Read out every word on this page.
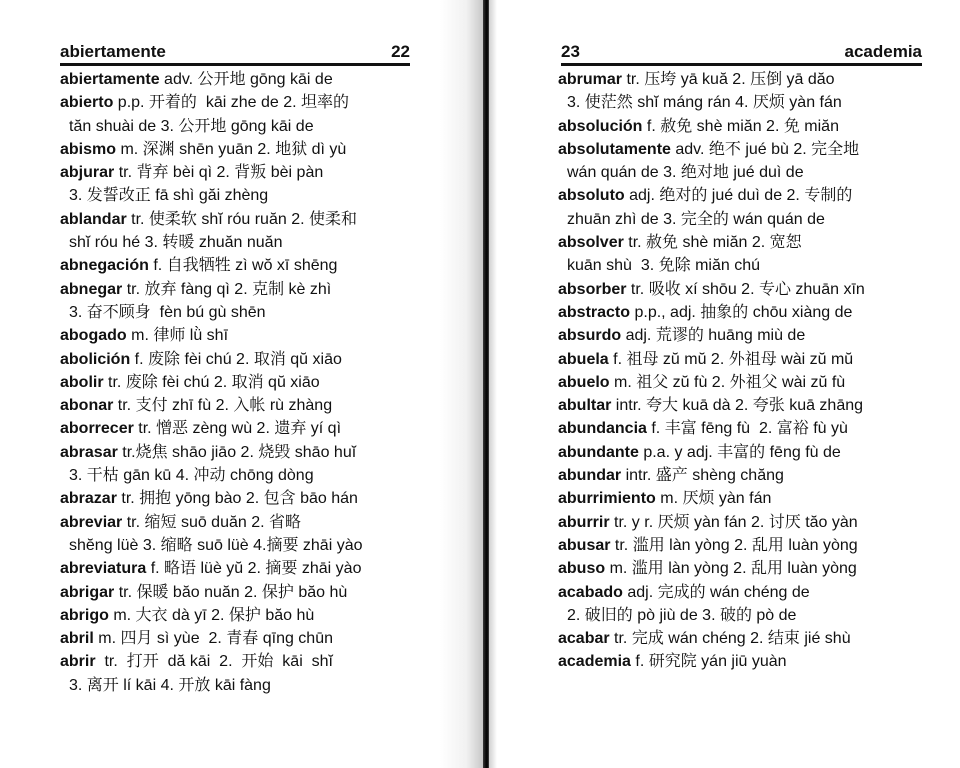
abiertamente	22
abiertamente adv. 公开地 gōng kāi de
abierto p.p. 开着的  kāi zhe de 2. 坦率的
tăn shuài de 3. 公开地 gōng kāi de
abismo m. 深渊 shēn yuān 2. 地狱 dì yù
abjurar tr. 背弃 bèi qì 2. 背叛 bèi pàn
3. 发誓改正 fā shì găi zhèng
ablandar tr. 使柔软 shĭ róu ruăn 2. 使柔和
shĭ róu hé 3. 转暖 zhuăn nuăn
abnegación f. 自我牺牲 zì wŏ xī shēng
abnegar tr. 放弃 fàng qì 2. 克制 kè zhì
3. 奋不顾身  fèn bú gù shēn
abogado m. 律师 lǜ shī
abolición f. 废除 fèi chú 2. 取消 qŭ xiāo
abolir tr. 废除 fèi chú 2. 取消 qŭ xiāo
abonar tr. 支付 zhī fù 2. 入帐 rù zhàng
aborrecer tr. 憎恶 zèng wù 2. 遗弃 yí qì
abrasar tr.烧焦 shāo jiāo 2. 烧毁 shāo huĭ
3. 干枯 gān kū 4. 冲动 chōng dòng
abrazar tr. 拥抱 yōng bào 2. 包含 bāo hán
abreviar tr. 缩短 suō duăn 2. 省略
shĕng lüè 3. 缩略 suō lüè 4.摘要 zhāi yào
abreviatura f. 略语 lüè yŭ 2. 摘要 zhāi yào
abrigar tr. 保暖 băo nuăn 2. 保护 băo hù
abrigo m. 大衣 dà yī 2. 保护 băo hù
abril m. 四月 sì yùe  2. 青春 qīng chūn
abrir  tr.  打开  dă kāi  2.  开始  kāi  shĭ
3. 离开 lí kāi 4. 开放 kāi fàng
23	academia
abrumar tr. 压垮 yā kuă 2. 压倒 yā dăo
3. 使茫然 shĭ máng rán 4. 厌烦 yàn fán
absolución f. 赦免 shè miăn 2. 免 miăn
absolutamente adv. 绝不 jué bù 2. 完全地
wán quán de 3. 绝对地 jué duì de
absoluto adj. 绝对的 jué duì de 2. 专制的
zhuān zhì de 3. 完全的 wán quán de
absolver tr. 赦免 shè miăn 2. 宽恕
kuān shù  3. 免除 miăn chú
absorber tr. 吸收 xí shōu 2. 专心 zhuān xīn
abstracto p.p., adj. 抽象的 chōu xiàng de
absurdo adj. 荒谬的 huāng miù de
abuela f. 祖母 zŭ mŭ 2. 外祖母 wài zŭ mŭ
abuelo m. 祖父 zŭ fù 2. 外祖父 wài zŭ fù
abultar intr. 夸大 kuā dà 2. 夸张 kuā zhāng
abundancia f. 丰富 fēng fù  2. 富裕 fù yù
abundante p.a. y adj. 丰富的 fēng fù de
abundar intr. 盛产 shèng chăng
aburrimiento m. 厌烦 yàn fán
aburrir tr. y r. 厌烦 yàn fán 2. 讨厌 tăo yàn
abusar tr. 滥用 làn yòng 2. 乱用 luàn yòng
abuso m. 滥用 làn yòng 2. 乱用 luàn yòng
acabado adj. 完成的 wán chéng de
2. 破旧的 pò jiù de 3. 破的 pò de
acabar tr. 完成 wán chéng 2. 结束 jié shù
academia f. 研究院 yán jiū yuàn
